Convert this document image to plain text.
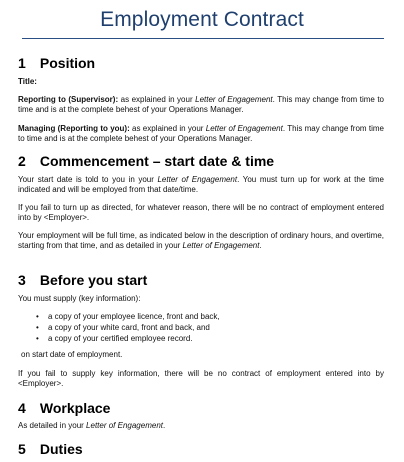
Employment Contract
1 Position
Title:
Reporting to (Supervisor): as explained in your Letter of Engagement. This may change from time to time and is at the complete behest of your Operations Manager.
Managing (Reporting to you): as explained in your Letter of Engagement. This may change from time to time and is at the complete behest of your Operations Manager.
2 Commencement – start date & time
Your start date is told to you in your Letter of Engagement. You must turn up for work at the time indicated and will be employed from that date/time.
If you fail to turn up as directed, for whatever reason, there will be no contract of employment entered into by <Employer>.
Your employment will be full time, as indicated below in the description of ordinary hours, and overtime, starting from that time, and as detailed in your Letter of Engagement.
3 Before you start
You must supply (key information):
• a copy of your employee licence, front and back,
• a copy of your white card, front and back, and
• a copy of your certified employee record.
on start date of employment.
If you fail to supply key information, there will be no contract of employment entered into by <Employer>.
4 Workplace
As detailed in your Letter of Engagement.
5 Duties
